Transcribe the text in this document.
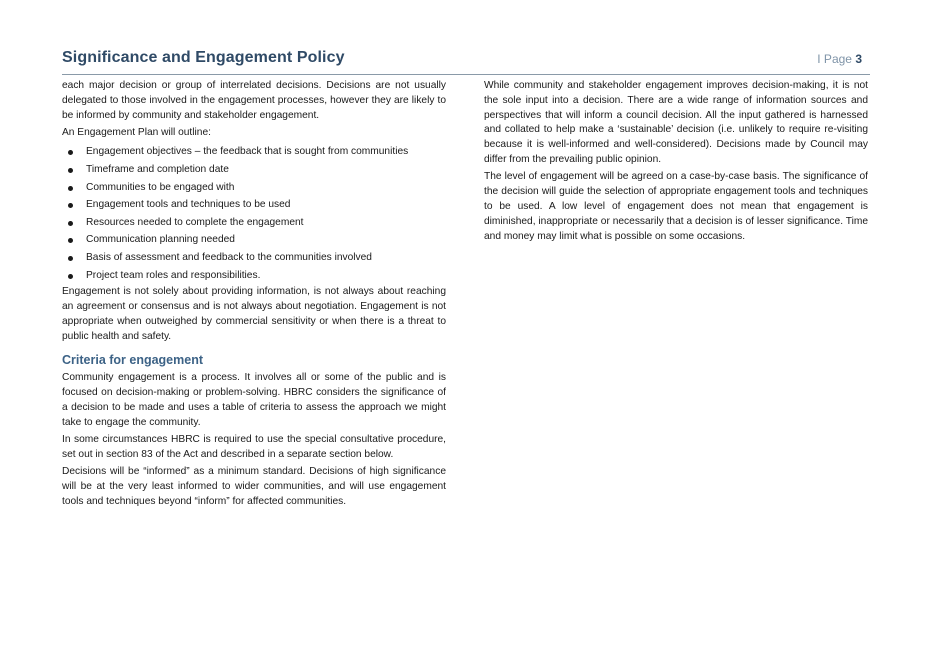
Significance and Engagement Policy	I Page 3

each major decision or group of interrelated decisions. Decisions are not usually delegated to those involved in the engagement processes, however they are likely to be informed by community and stakeholder engagement.

An Engagement Plan will outline:

Engagement objectives – the feedback that is sought from communities
Timeframe and completion date
Communities to be engaged with
Engagement tools and techniques to be used
Resources needed to complete the engagement
Communication planning needed
Basis of assessment and feedback to the communities involved
Project team roles and responsibilities.

Engagement is not solely about providing information, is not always about reaching an agreement or consensus and is not always about negotiation. Engagement is not appropriate when outweighed by commercial sensitivity or when there is a threat to public health and safety.

Criteria for engagement

Community engagement is a process. It involves all or some of the public and is focused on decision-making or problem-solving. HBRC considers the significance of a decision to be made and uses a table of criteria to assess the approach we might take to engage the community.

In some circumstances HBRC is required to use the special consultative procedure, set out in section 83 of the Act and described in a separate section below.

Decisions will be “informed” as a minimum standard. Decisions of high significance will be at the very least informed to wider communities, and will use engagement tools and techniques beyond “inform” for affected communities.

While community and stakeholder engagement improves decision-making, it is not the sole input into a decision. There are a wide range of information sources and perspectives that will inform a council decision. All the input gathered is harnessed and collated to help make a ‘sustainable’ decision (i.e. unlikely to require re-visiting because it is well-informed and well-considered). Decisions made by Council may differ from the prevailing public opinion.

The level of engagement will be agreed on a case-by-case basis. The significance of the decision will guide the selection of appropriate engagement tools and techniques to be used. A low level of engagement does not mean that engagement is diminished, inappropriate or necessarily that a decision is of lesser significance. Time and money may limit what is possible on some occasions.
